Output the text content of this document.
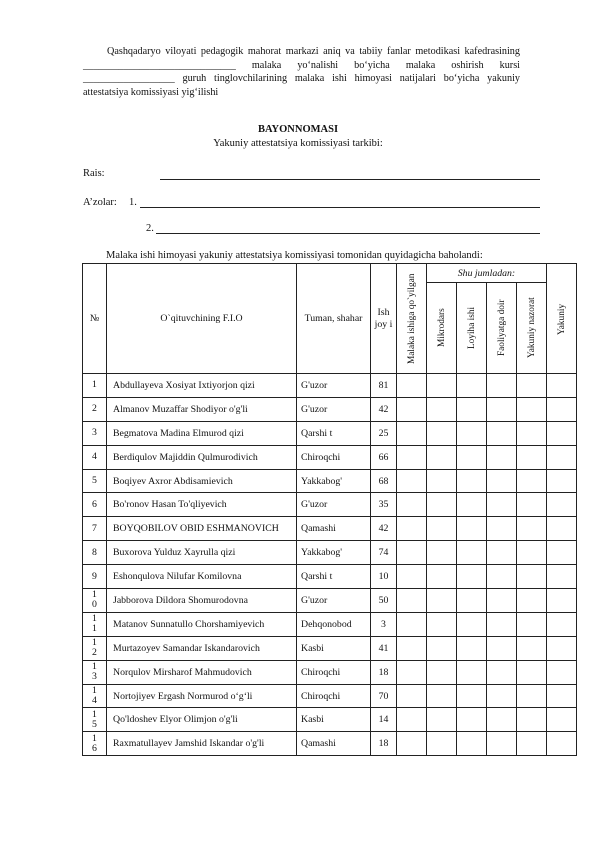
Qashqadaryo viloyati pedagogik mahorat markazi aniq va tabiiy fanlar metodikasi kafedrasining ______________________________ malaka yo‘nalishi bo‘yicha malaka oshirish kursi __________________ guruh tinglovchilarining malaka ishi himoyasi natijalari bo‘yicha yakuniy attestatsiya komissiyasi yig‘ilishi
BAYONNOMASI
Yakuniy attestatsiya komissiyasi tarkibi:
Rais:
A’zolar: 1.
2.
Malaka ishi himoyasi yakuniy attestatsiya komissiyasi tomonidan quyidagicha baholandi:
№	O`qituvchining F.I.O	Tuman, shahar	Ish joy i	Malaka ishiga qo`yilgan	Shu jumladan:				Yakuniy

					Mikrodars	Loyiha ishi	Faoliyatga doir	Yakuniy nazorat	

1	Abdullayeva Xosiyat Ixtiyorjon qizi	G'uzor	81						

2	Almanov Muzaffar Shodiyor o'g'li	G'uzor	42						

3	Begmatova Madina Elmurod qizi	Qarshi t	25						

4	Berdiqulov Majiddin Qulmurodivich	Chiroqchi	66						

5	Boqiyev Axror Abdisamievich	Yakkabog'	68						

6	Bo'ronov Hasan To'qliyevich	G'uzor	35						

7	BOYQOBILOV OBID ESHMANOVICH	Qamashi	42						

8	Buxorova Yulduz Xayrulla qizi	Yakkabog'	74						

9	Eshonqulova Nilufar Komilovna	Qarshi t	10						

10	Jabborova Dildora Shomurodovna	G'uzor	50						

11	Matanov Sunnatullo Chorshamiyevich	Dehqonobod	3						

12	Murtazoyev Samandar Iskandarovich	Kasbi	41						

13	Norqulov Mirsharof Mahmudovich	Chiroqchi	18						

14	Nortojiyev Ergash Normurod o‘g‘li	Chiroqchi	70						

15	Qo'ldoshev Elyor Olimjon o'g'li	Kasbi	14						

16	Raxmatullayev Jamshid Iskandar o'g'li	Qamashi	18						
